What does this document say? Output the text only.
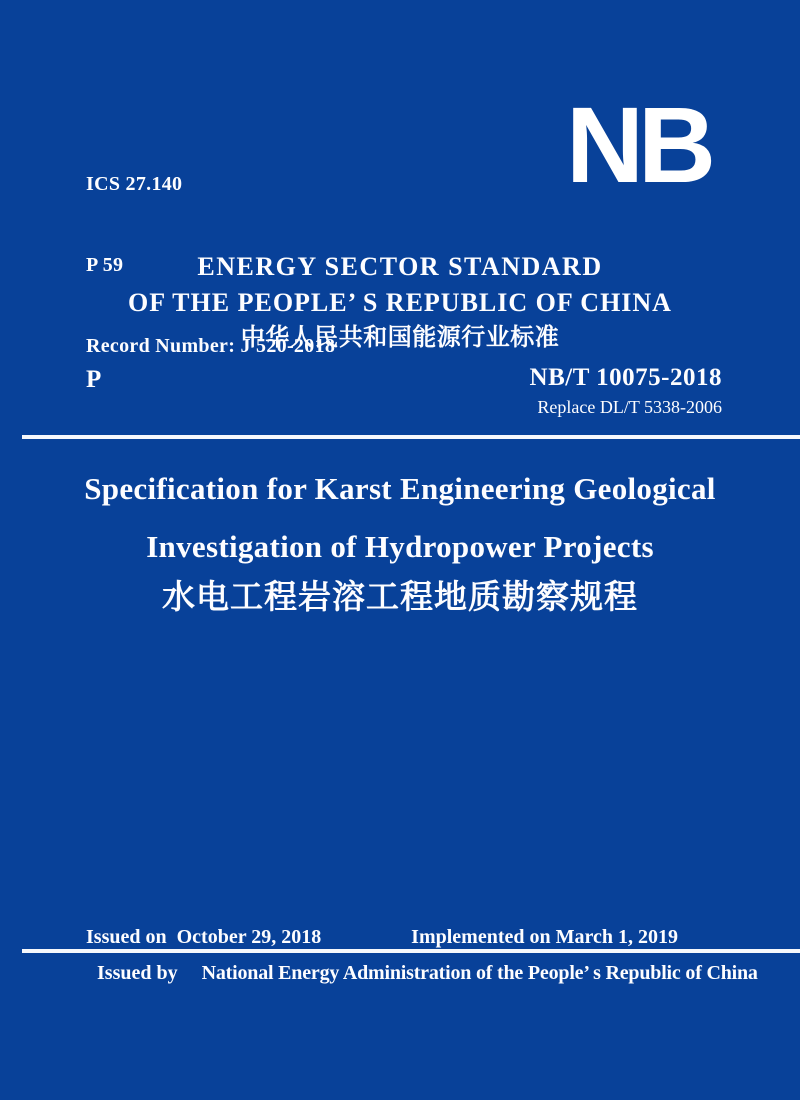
ICS 27.140

P 59

Record Number: J 520-2018

NB
ENERGY SECTOR STANDARD
OF THE PEOPLE’ S REPUBLIC OF CHINA
中华人民共和国能源行业标准
P	NB/T 10075-2018
Replace DL/T 5338-2006
Specification for Karst Engineering Geological
Investigation of Hydropower Projects
水电工程岩溶工程地质勘察规程
Issued on  October 29, 2018	Implemented on March 1, 2019
Issued by National Energy Administration of the People’ s Republic of China
